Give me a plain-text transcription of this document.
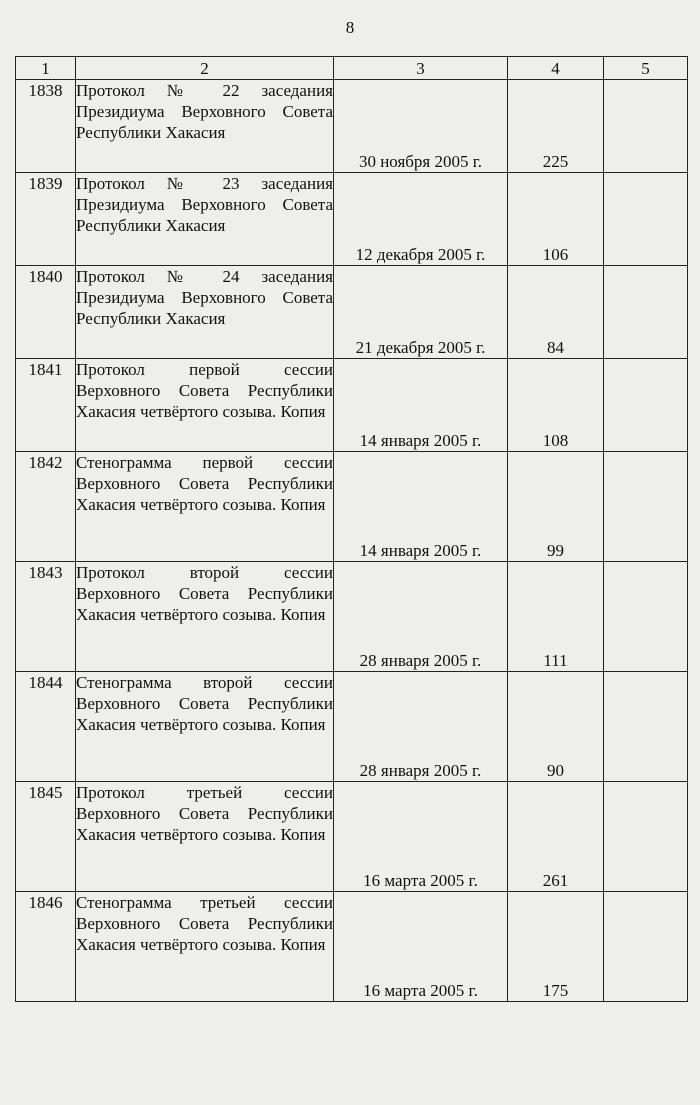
8
1	2	3	4	5
1838	Протокол № 22 заседания Президиума Верховного Совета Республики Хакасия	30 ноября 2005 г.	225	
1839	Протокол № 23 заседания Президиума Верховного Совета Республики Хакасия	12 декабря 2005 г.	106	
1840	Протокол № 24 заседания Президиума Верховного Совета Республики Хакасия	21 декабря 2005 г.	84	
1841	Протокол первой сессии Верховного Совета Республики Хакасия четвёртого созыва. Копия	14 января 2005 г.	108	
1842	Стенограмма первой сессии Верховного Совета Республики Хакасия четвёртого созыва. Копия	14 января 2005 г.	99	
1843	Протокол второй сессии Верховного Совета Республики Хакасия четвёртого созыва. Копия	28 января 2005 г.	111	
1844	Стенограмма второй сессии Верховного Совета Республики Хакасия четвёртого созыва. Копия	28 января 2005 г.	90	
1845	Протокол третьей сессии Верховного Совета Республики Хакасия четвёртого созыва. Копия	16 марта 2005 г.	261	
1846	Стенограмма третьей сессии Верховного Совета Республики Хакасия четвёртого созыва. Копия	16 марта 2005 г.	175	
